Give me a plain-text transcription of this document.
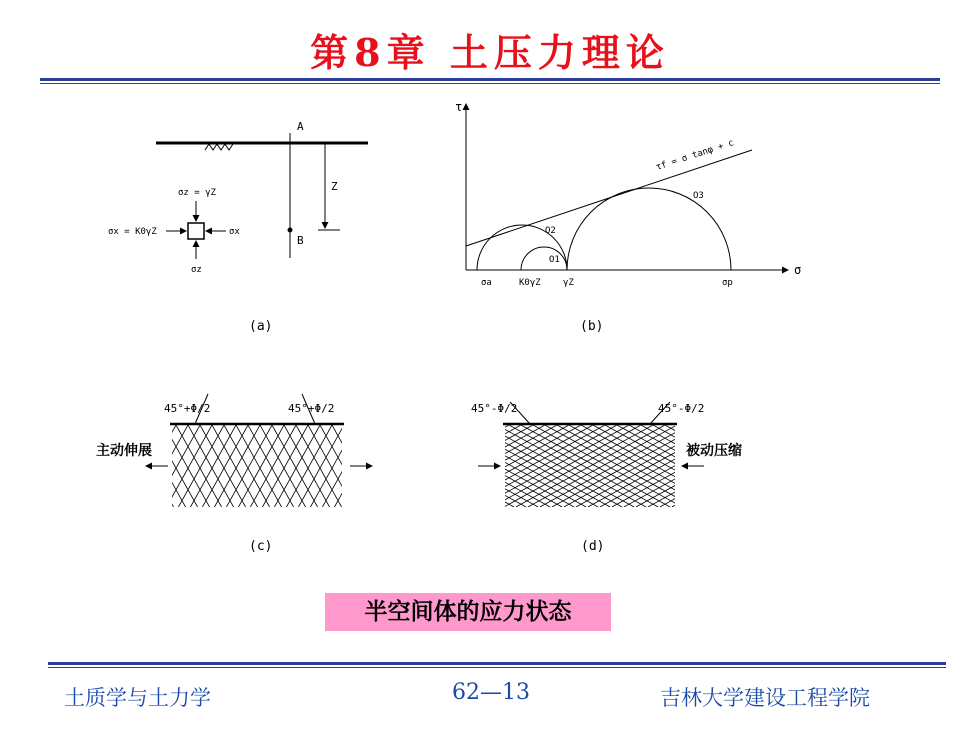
第8章 土压力理论
A
B
Z
σz = γZ
σx = K0γZ	σx
σz
(a)
τ
σ
τf = σ tanφ + c
O1
O2
O3
σa	K0γZ γZ	σp
(b)
45°+Φ/2	45°+Φ/2
主动伸展
(c)
45°-Φ/2	45°-Φ/2
被动压缩
(d)
半空间体的应力状态
土质学与土力学	62—13	吉林大学建设工程学院
